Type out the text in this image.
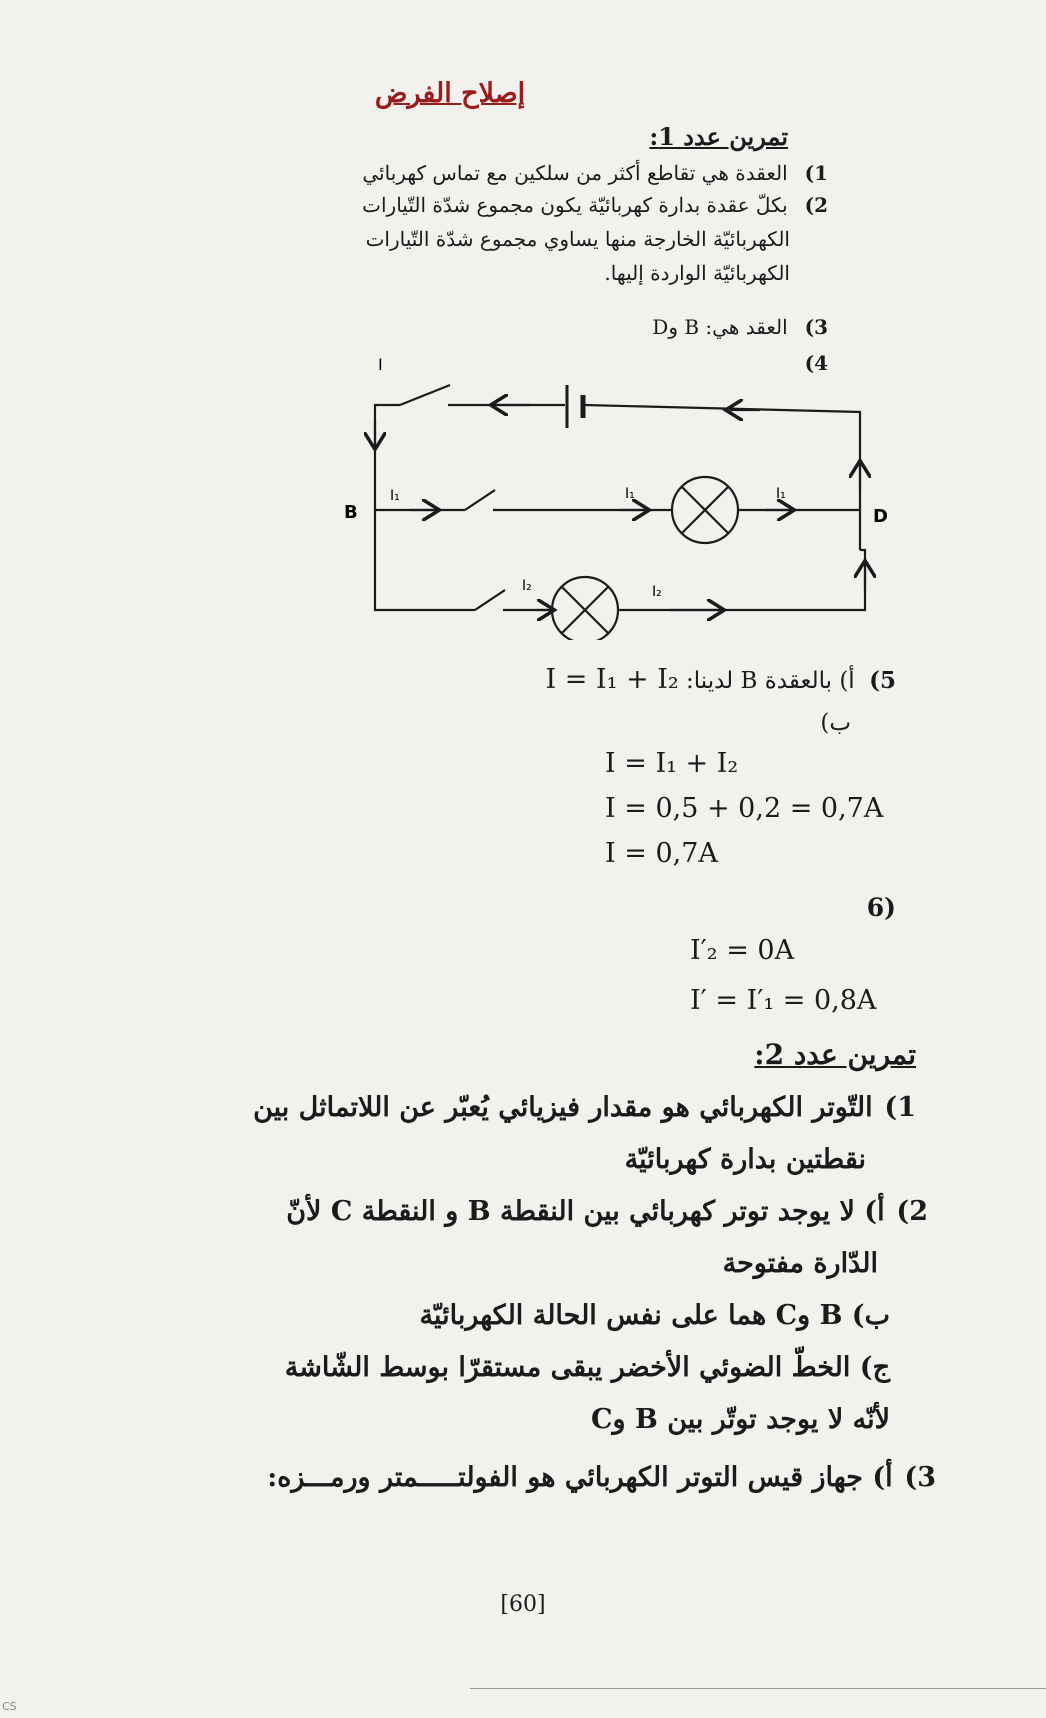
إصلاح الفرض
تمرين عدد 1:
1) العقدة هي تقاطع أكثر من سلكين مع تماس كهربائي
2) بكلّ عقدة بدارة كهربائيّة يكون مجموع شدّة التّيارات
الكهربائيّة الخارجة منها يساوي مجموع شدّة التّيارات
الكهربائيّة الواردة إليها.
3) العقد هي: B وD
4)
I
I₁	I₁	I₁
I₂	I₂
B	D
5) أ) بالعقدة B لدينا: I = I₁ + I₂
ب)
I = I₁ + I₂
I = 0,5 + 0,2 = 0,7A
I = 0,7A
6)
I′₂ = 0A
I′ = I′₁ = 0,8A
تمرين عدد 2:
1) التّوتر الكهربائي هو مقدار فيزيائي يُعبّر عن اللاتماثل بين
نقطتين بدارة كهربائيّة
2) أ) لا يوجد توتر كهربائي بين النقطة B و النقطة C لأنّ
الدّارة مفتوحة
ب) B وC هما على نفس الحالة الكهربائيّة
ج) الخطّ الضوئي الأخضر يبقى مستقرّا بوسط الشّاشة
لأنّه لا يوجد توتّر بين B وC
3) أ) جهاز قيس التوتر الكهربائي هو الفولتـــــمتر ورمـــزه:
[60]
CS
